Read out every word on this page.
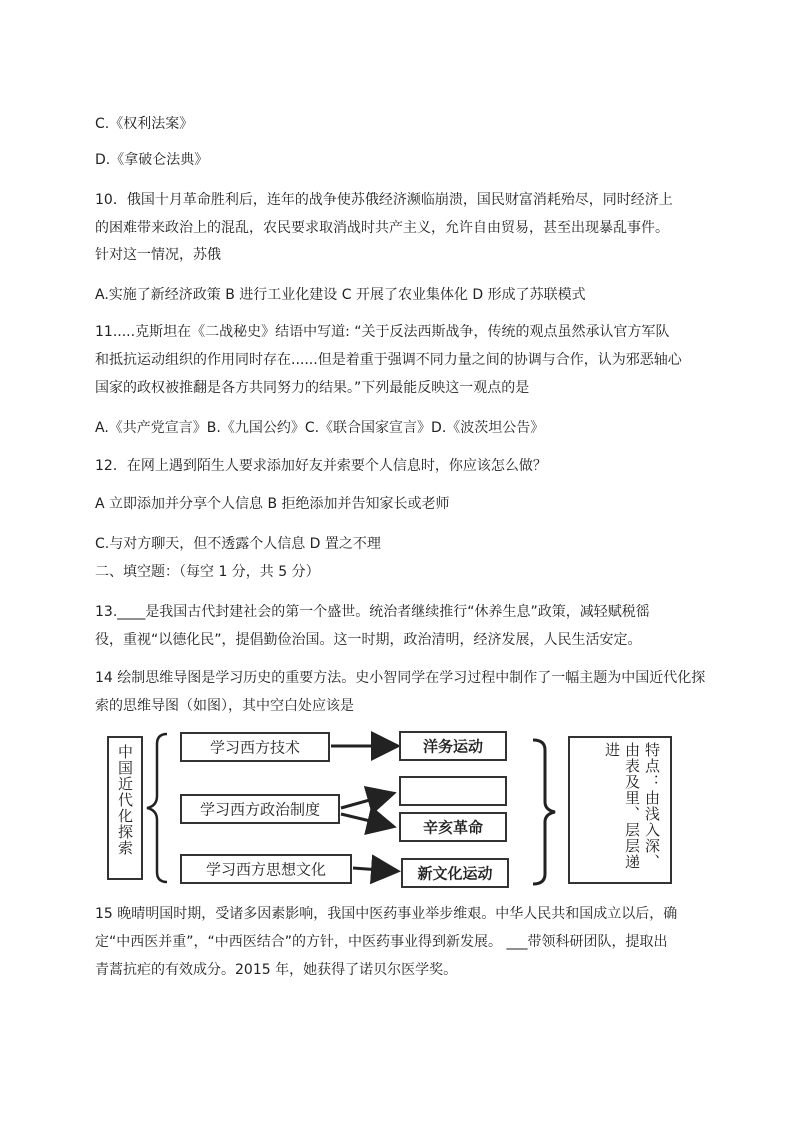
C.《权利法案》
D.《拿破仑法典》
10．俄国十月革命胜利后，连年的战争使苏俄经济濒临崩溃，国民财富消耗殆尽，同时经济上
的困难带来政治上的混乱，农民要求取消战时共产主义，允许自由贸易，甚至出现暴乱事件。
针对这一情况，苏俄
A.实施了新经济政策 B 进行工业化建设 C 开展了农业集体化 D 形成了苏联模式
11.....克斯坦在《二战秘史》结语中写道: “关于反法西斯战争，传统的观点虽然承认官方军队
和抵抗运动组织的作用同时存在......但是着重于强调不同力量之间的协调与合作，认为邪恶轴心
国家的政权被推翻是各方共同努力的结果。”下列最能反映这一观点的是
A.《共产党宣言》B.《九国公约》C.《联合国家宣言》D.《波茨坦公告》
12．在网上遇到陌生人要求添加好友并索要个人信息时，你应该怎么做？
A 立即添加并分享个人信息 B 拒绝添加并告知家长或老师
C.与对方聊天，但不透露个人信息 D 置之不理
二、填空题：（每空 1 分，共 5 分）
13.____是我国古代封建社会的第一个盛世。统治者继续推行“休养生息”政策，减轻赋税徭
役，重视“以德化民”，提倡勤俭治国。这一时期，政治清明，经济发展，人民生活安定。
14 绘制思维导图是学习历史的重要方法。史小智同学在学习过程中制作了一幅主题为中国近代化探
索的思维导图（如图），其中空白处应该是
中国近代化探索	学习西方技术
学习西方政治制度
学习西方思想文化
洋务运动
辛亥革命
新文化运动
特点：由浅入深、由表及里、层层递进
15 晚晴明国时期，受诸多因素影响，我国中医药事业举步维艰。中华人民共和国成立以后，确
定“中西医并重”，“中西医结合”的方针，中医药事业得到新发展。 ___带领科研团队，提取出
青蒿抗疟的有效成分。2015 年，她获得了诺贝尔医学奖。
